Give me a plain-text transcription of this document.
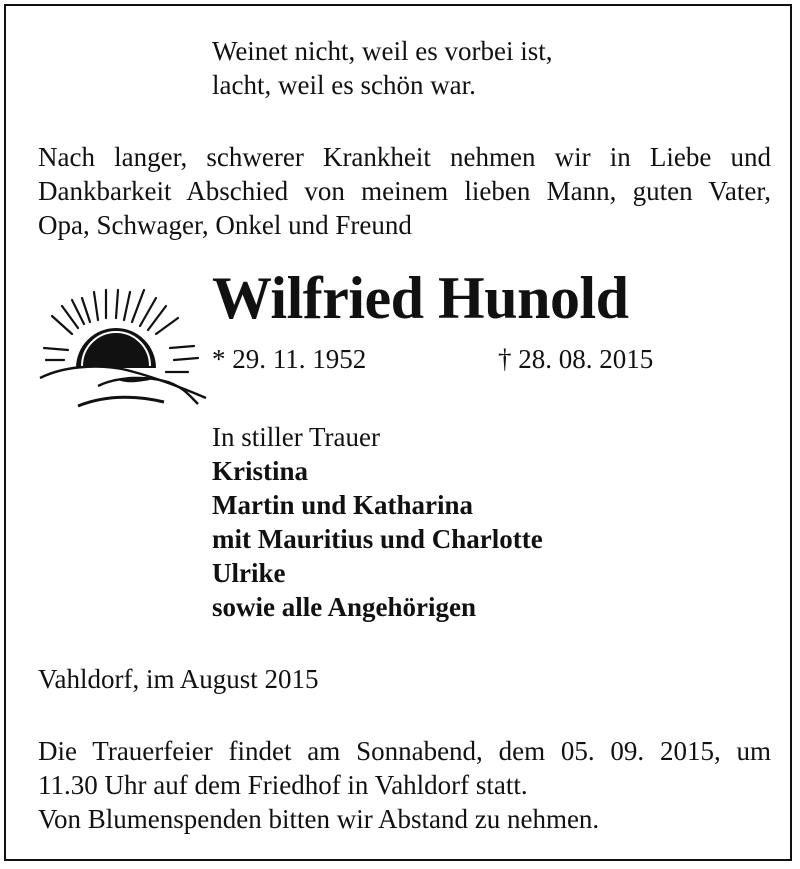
Weinet nicht, weil es vorbei ist,
lacht, weil es schön war.

Nach langer, schwerer Krankheit nehmen wir in Liebe und

Dankbarkeit Abschied von meinem lieben Mann, guten Vater,

Opa, Schwager, Onkel und Freund

Wilfried Hunold
* 29. 11. 1952	† 28. 08. 2015
In stiller Trauer
Kristina
Martin und Katharina
mit Mauritius und Charlotte
Ulrike
sowie alle Angehörigen
Vahldorf, im August 2015

Die Trauerfeier findet am Sonnabend, dem 05. 09. 2015, um

11.30 Uhr auf dem Friedhof in Vahldorf statt.

Von Blumenspenden bitten wir Abstand zu nehmen.
